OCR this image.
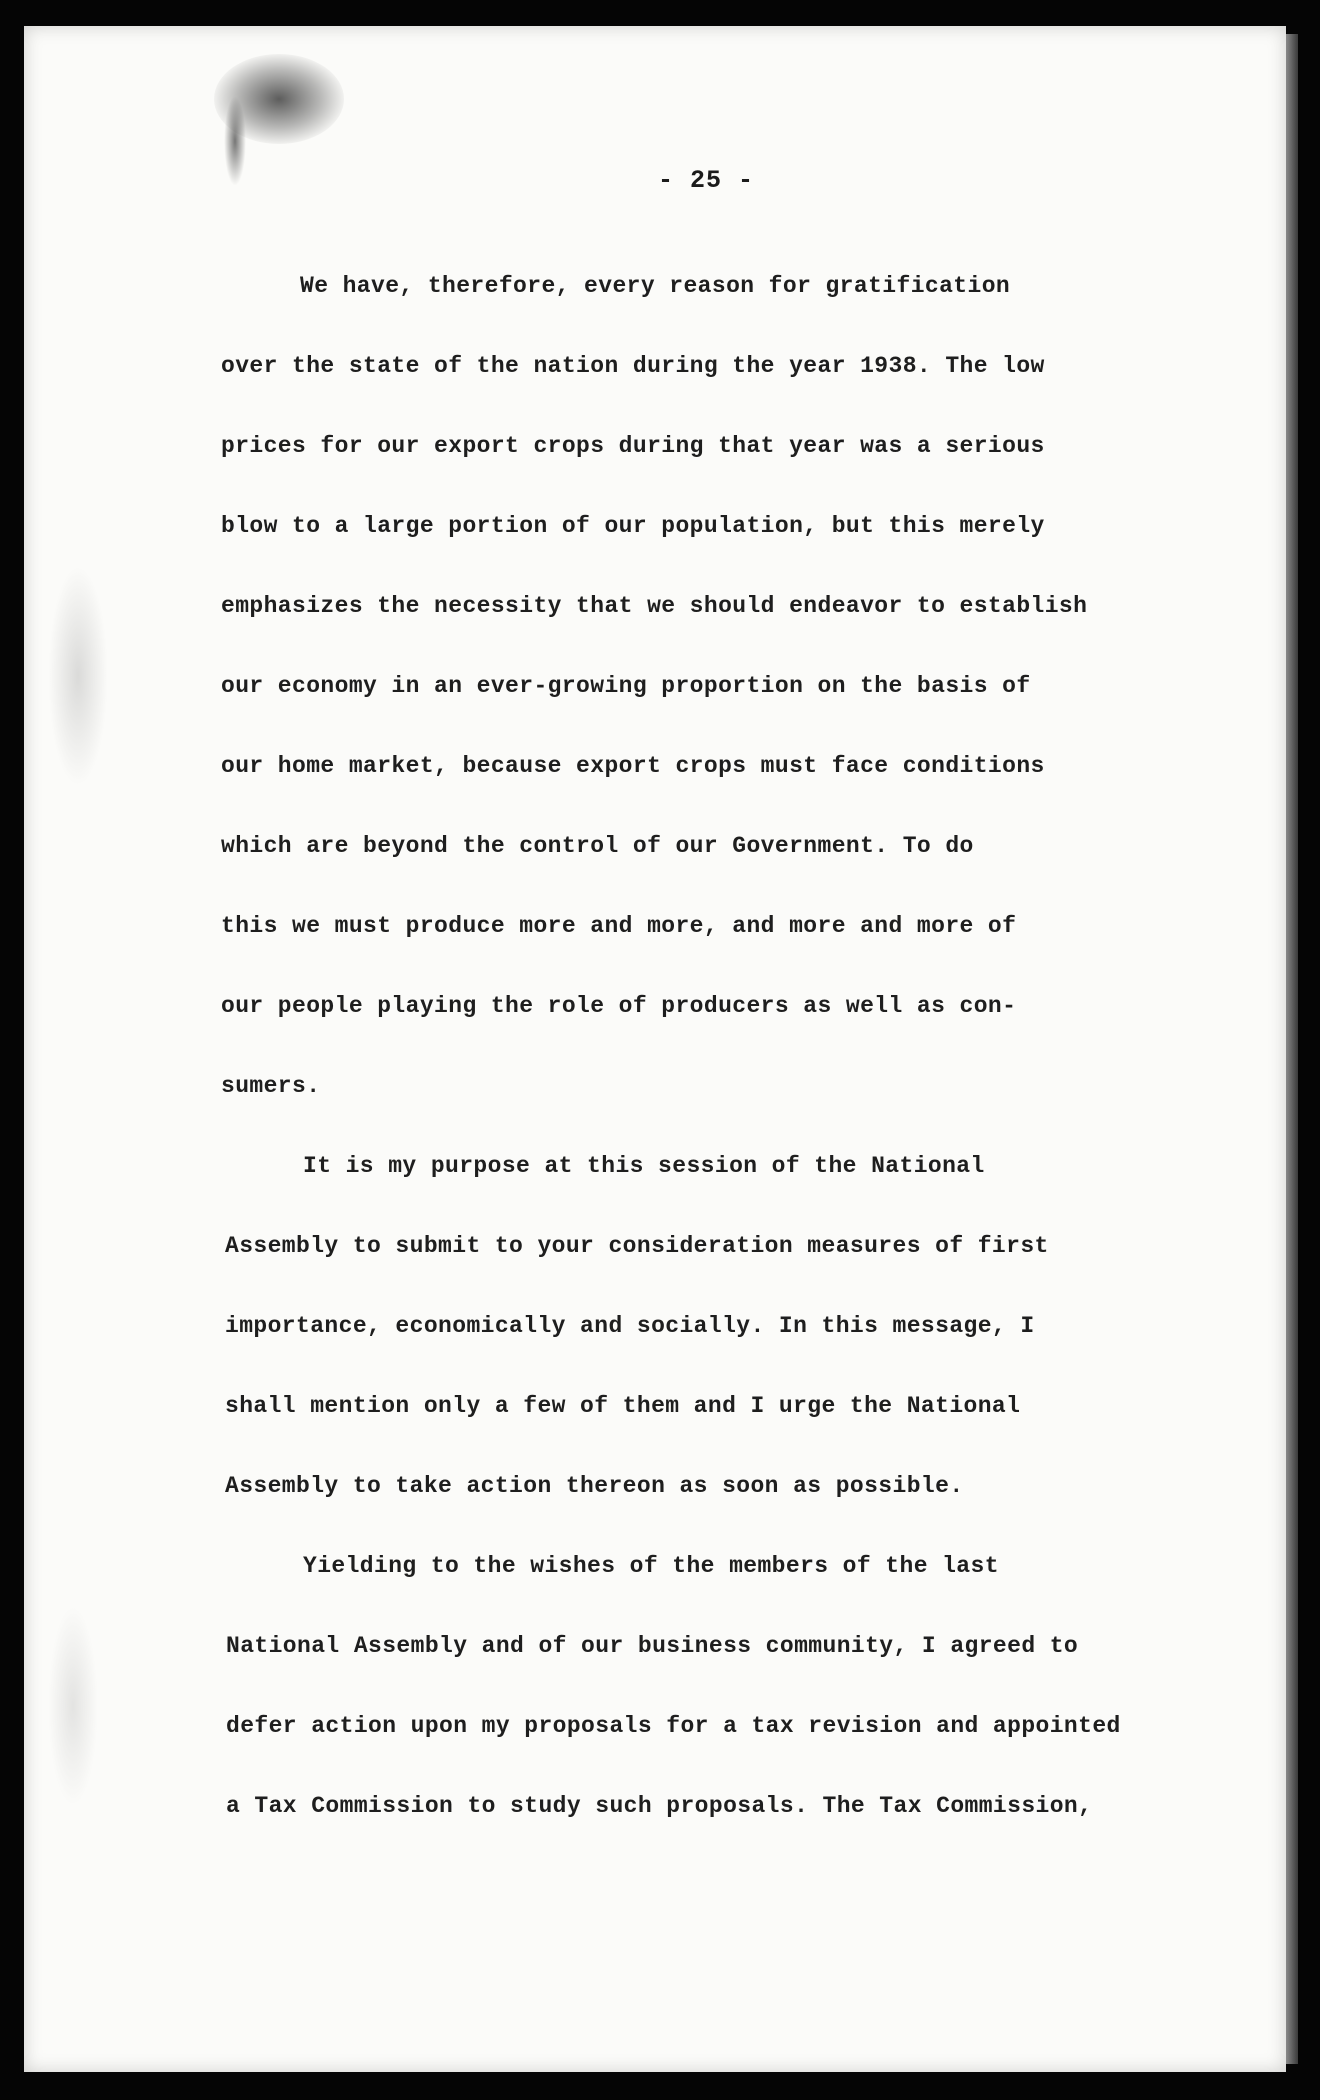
- 25 -
We have, therefore, every reason for gratification
over the state of the nation during the year 1938. The low
prices for our export crops during that year was a serious
blow to a large portion of our population, but this merely
emphasizes the necessity that we should endeavor to establish
our economy in an ever-growing proportion on the basis of
our home market, because export crops must face conditions
which are beyond the control of our Government. To do
this we must produce more and more, and more and more of
our people playing the role of producers as well as con-
sumers.
It is my purpose at this session of the National
Assembly to submit to your consideration measures of first
importance, economically and socially. In this message, I
shall mention only a few of them and I urge the National
Assembly to take action thereon as soon as possible.
Yielding to the wishes of the members of the last
National Assembly and of our business community, I agreed to
defer action upon my proposals for a tax revision and appointed
a Tax Commission to study such proposals. The Tax Commission,
